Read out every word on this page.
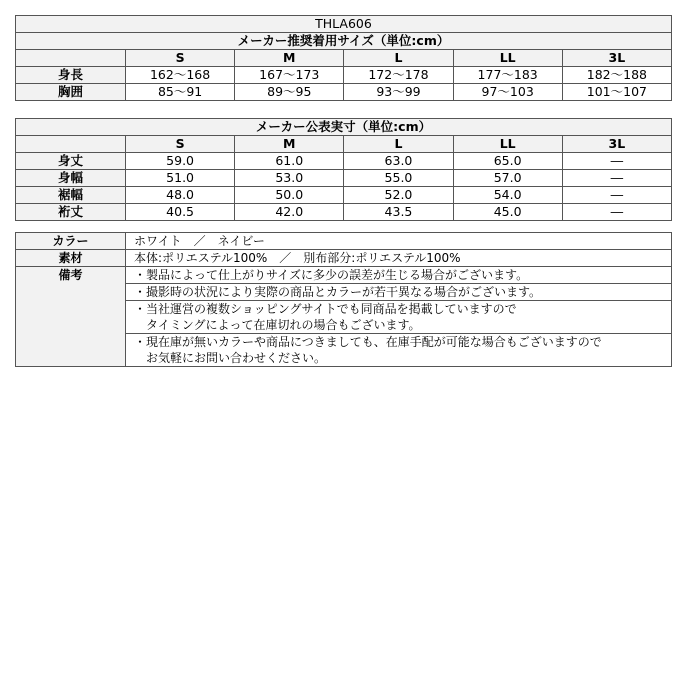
THLA606					
メーカー推奨着用サイズ（単位:cm）					
	S	M	L	LL	3L
身長	162～168	167～173	172～178	177～183	182～188
胸囲	85～91	89～95	93～99	97～103	101～107
メーカー公表実寸（単位:cm）					
	S	M	L	LL	3L
身丈	59.0	61.0	63.0	65.0	―
身幅	51.0	53.0	55.0	57.0	―
裾幅	48.0	50.0	52.0	54.0	―
裄丈	40.5	42.0	43.5	45.0	―
カラー	ホワイト　／　ネイビー
素材	本体:ポリエステル100%　／　別布部分:ポリエステル100%
備考	・製品によって仕上がりサイズに多少の誤差が生じる場合がございます。
	・撮影時の状況により実際の商品とカラーが若干異なる場合がございます。

	・当社運営の複数ショッピングサイトでも同商品を掲載していますので
　タイミングによって在庫切れの場合もございます。

	・現在庫が無いカラーや商品につきましても、在庫手配が可能な場合もございますので
　お気軽にお問い合わせください。
